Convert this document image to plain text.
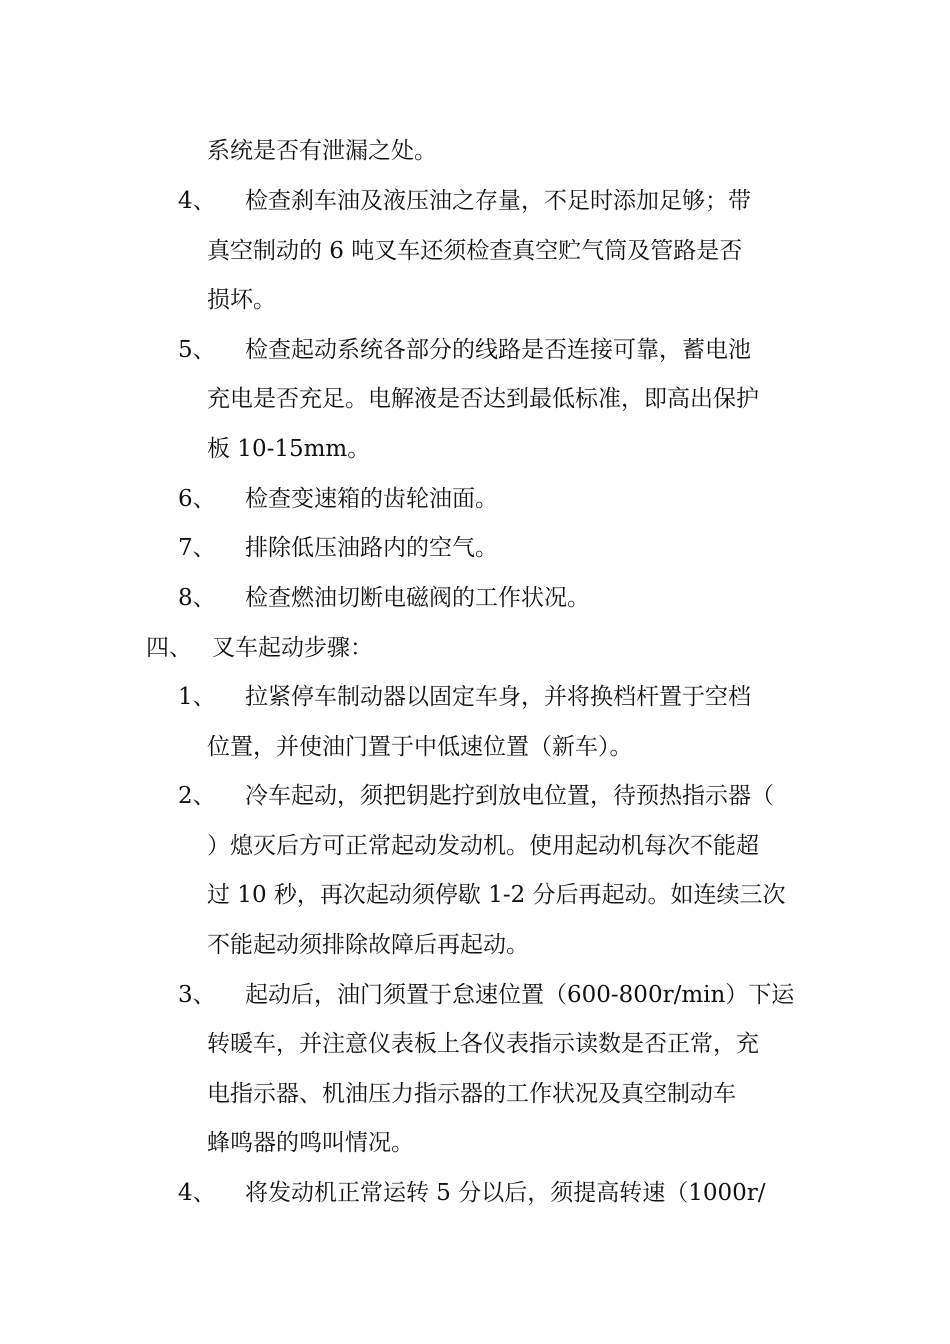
系统是否有泄漏之处。
4、 检查刹车油及液压油之存量，不足时添加足够；带
真空制动的 6 吨叉车还须检查真空贮气筒及管路是否
损坏。
5、 检查起动系统各部分的线路是否连接可靠，蓄电池
充电是否充足。电解液是否达到最低标准，即高出保护
板 10-15mm。
6、 检查变速箱的齿轮油面。
7、 排除低压油路内的空气。
8、 检查燃油切断电磁阀的工作状况。
四、 叉车起动步骤：
1、 拉紧停车制动器以固定车身，并将换档杆置于空档
位置，并使油门置于中低速位置（新车）。
2、 冷车起动，须把钥匙拧到放电位置，待预热指示器（
）熄灭后方可正常起动发动机。使用起动机每次不能超
过 10 秒，再次起动须停歇 1-2 分后再起动。如连续三次
不能起动须排除故障后再起动。
3、 起动后，油门须置于怠速位置（600-800r/min）下运
转暖车，并注意仪表板上各仪表指示读数是否正常，充
电指示器、机油压力指示器的工作状况及真空制动车
蜂鸣器的鸣叫情况。
4、 将发动机正常运转 5 分以后，须提高转速（1000r/
